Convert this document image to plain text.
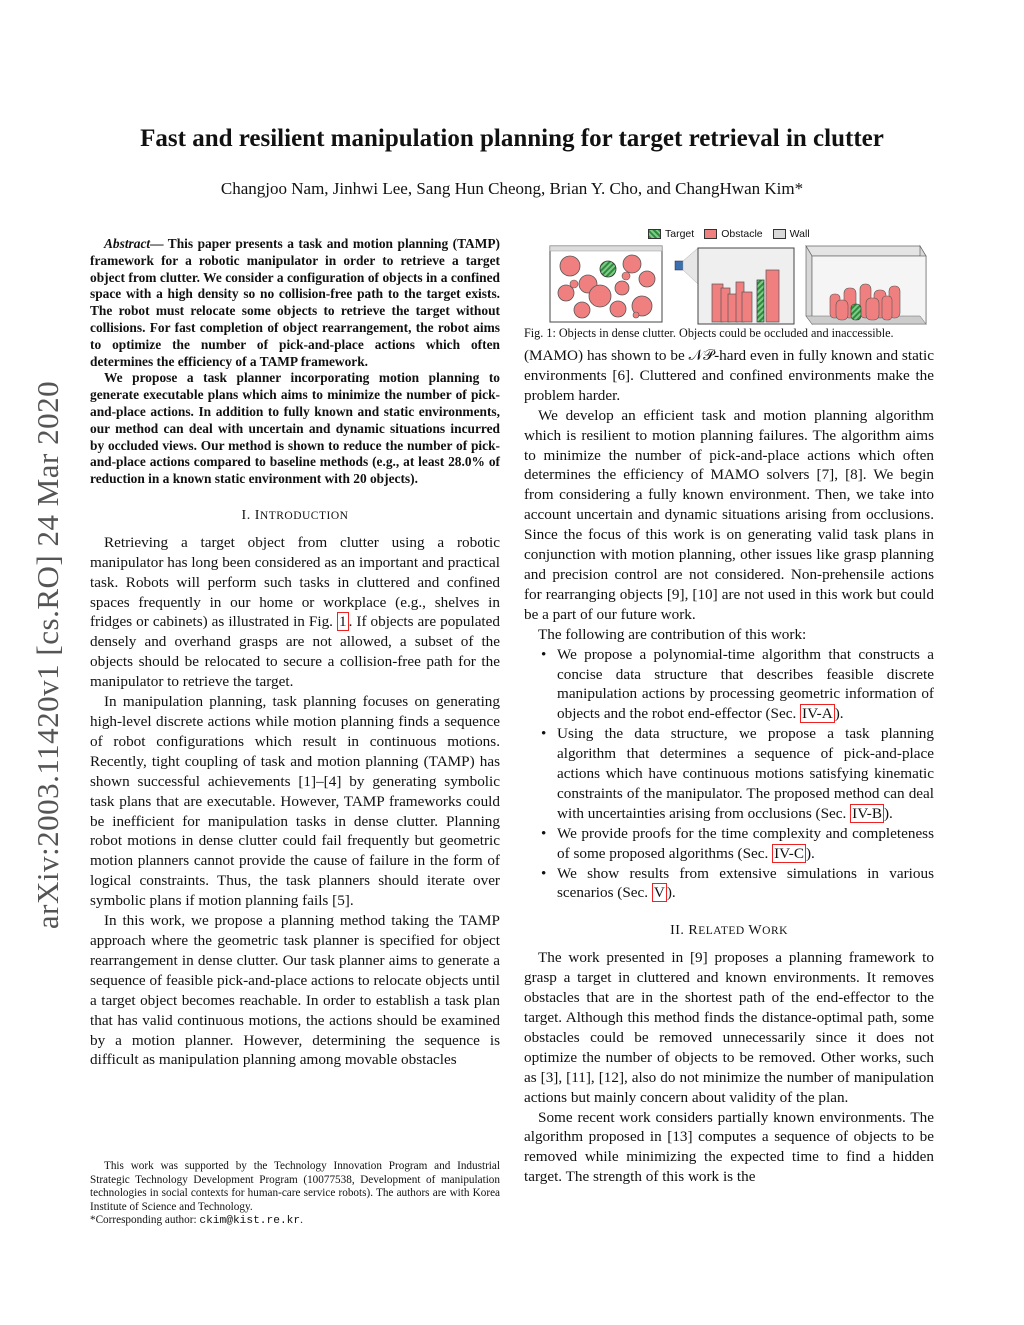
arXiv:2003.11420v1 [cs.RO] 24 Mar 2020
Fast and resilient manipulation planning for target retrieval in clutter
Changjoo Nam, Jinhwi Lee, Sang Hun Cheong, Brian Y. Cho, and ChangHwan Kim*
Target	Obstacle	Wall
Fig. 1: Objects in dense clutter. Objects could be occluded and inaccessible.

Abstract— This paper presents a task and motion planning (TAMP) framework for a robotic manipulator in order to retrieve a target object from clutter. We consider a configuration of objects in a confined space with a high density so no collision-free path to the target exists. The robot must relocate some objects to retrieve the target without collisions. For fast completion of object rearrangement, the robot aims to optimize the number of pick-and-place actions which often determines the efficiency of a TAMP framework.

We propose a task planner incorporating motion planning to generate executable plans which aims to minimize the number of pick-and-place actions. In addition to fully known and static environments, our method can deal with uncertain and dynamic situations incurred by occluded views. Our method is shown to reduce the number of pick-and-place actions compared to baseline methods (e.g., at least 28.0% of reduction in a known static environment with 20 objects).

I. INTRODUCTION

Retrieving a target object from clutter using a robotic manipulator has long been considered as an important and practical task. Robots will perform such tasks in cluttered and confined spaces frequently in our home or workplace (e.g., shelves in fridges or cabinets) as illustrated in Fig. 1 . If objects are populated densely and overhand grasps are not allowed, a subset of the objects should be relocated to secure a collision-free path for the manipulator to retrieve the target.

In manipulation planning, task planning focuses on generating high-level discrete actions while motion planning finds a sequence of robot configurations which result in continuous motions. Recently, tight coupling of task and motion planning (TAMP) has shown successful achievements [1]–[4] by generating symbolic task plans that are executable. However, TAMP frameworks could be inefficient for manipulation tasks in dense clutter. Planning robot motions in dense clutter could fail frequently but geometric motion planners cannot provide the cause of failure in the form of logical constraints. Thus, the task planners should iterate over symbolic plans if motion planning fails [5].

In this work, we propose a planning method taking the TAMP approach where the geometric task planner is specified for object rearrangement in dense clutter. Our task planner aims to generate a sequence of feasible pick-and-place actions to relocate objects until a target object becomes reachable. In order to establish a task plan that has valid continuous motions, the actions should be examined by a motion planner. However, determining the sequence is difficult as manipulation planning among movable obstacles

This work was supported by the Technology Innovation Program and Industrial Strategic Technology Development Program (10077538, Development of manipulation technologies in social contexts for human-care service robots). The authors are with Korea Institute of Science and Technology.

*Corresponding author: ckim@kist.re.kr.

(MAMO) has shown to be 𝒩𝒫-hard even in fully known and static environments [6]. Cluttered and confined environments make the problem harder.

We develop an efficient task and motion planning algorithm which is resilient to motion planning failures. The algorithm aims to minimize the number of pick-and-place actions which often determines the efficiency of MAMO solvers [7], [8]. We begin from considering a fully known environment. Then, we take into account uncertain and dynamic situations arising from occlusions. Since the focus of this work is on generating valid task plans in conjunction with motion planning, other issues like grasp planning and precision control are not considered. Non-prehensile actions for rearranging objects [9], [10] are not used in this work but could be a part of our future work.

The following are contribution of this work:

• We propose a polynomial-time algorithm that constructs a concise data structure that describes feasible discrete manipulation actions by processing geometric information of objects and the robot end-effector (Sec. IV-A ).
• Using the data structure, we propose a task planning algorithm that determines a sequence of pick-and-place actions which have continuous motions satisfying kinematic constraints of the manipulator. The proposed method can deal with uncertainties arising from occlusions (Sec. IV-B ).
• We provide proofs for the time complexity and completeness of some proposed algorithms (Sec. IV-C ).
• We show results from extensive simulations in various scenarios (Sec. V ).
II. RELATED WORK

The work presented in [9] proposes a planning framework to grasp a target in cluttered and known environments. It removes obstacles that are in the shortest path of the end-effector to the target. Although this method finds the distance-optimal path, some obstacles could be removed unnecessarily since it does not optimize the number of objects to be removed. Other works, such as [3], [11], [12], also do not minimize the number of manipulation actions but mainly concern about validity of the plan.

Some recent work considers partially known environments. The algorithm proposed in [13] computes a sequence of objects to be removed while minimizing the expected time to find a hidden target. The strength of this work is the
